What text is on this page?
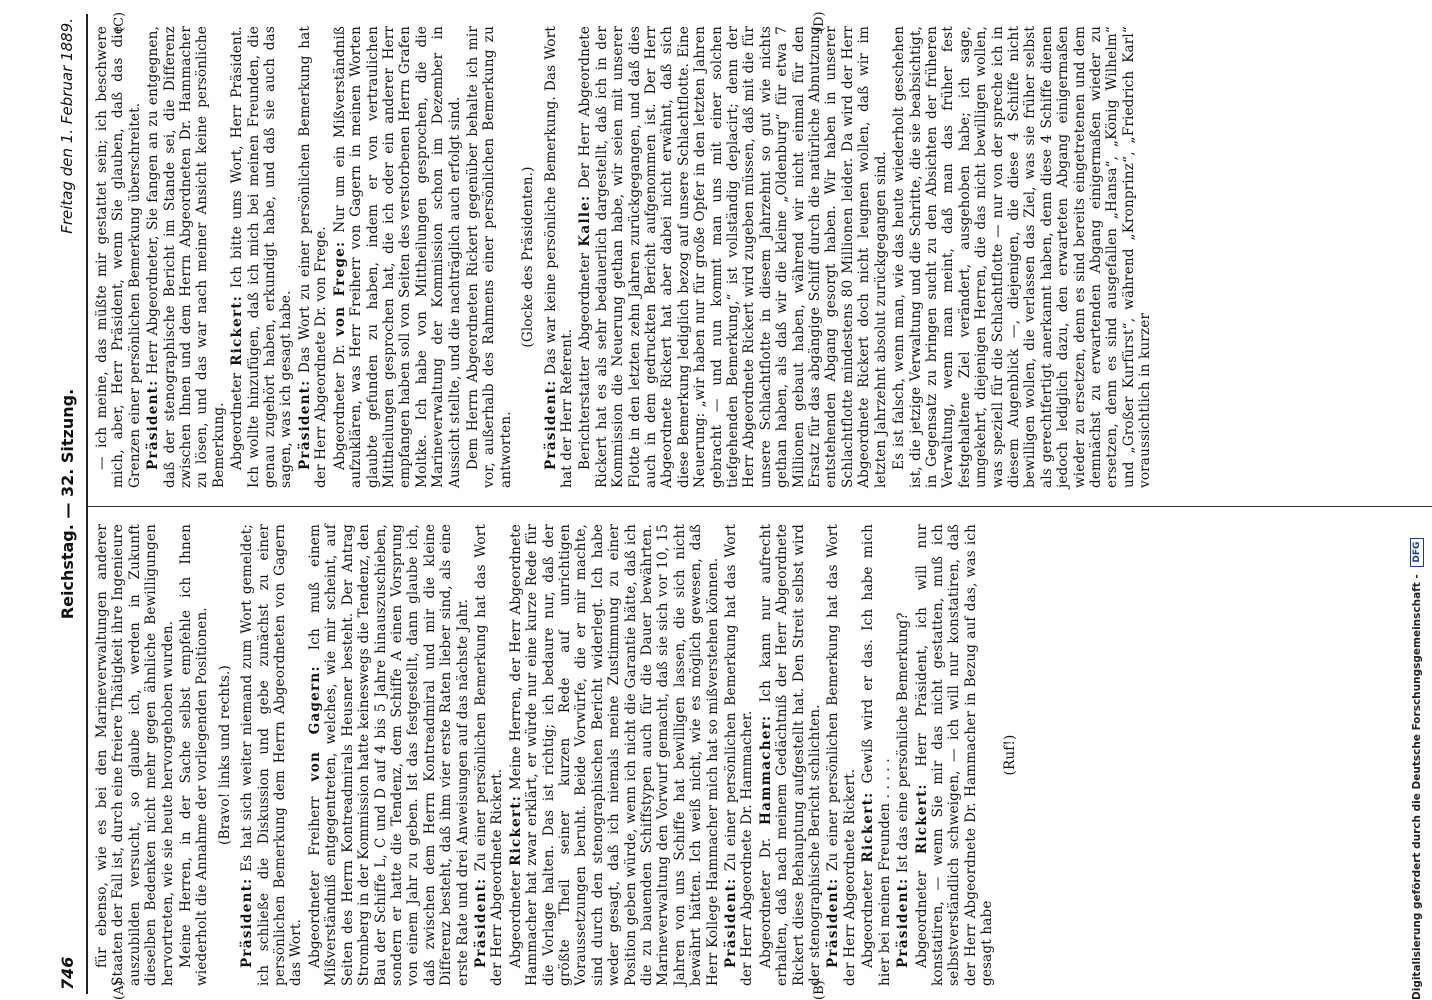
746
Reichstag. — 32. Sitzung.
Freitag den 1. Februar 1889.
(A)	(B)
(C)	(D)

für ebenso, wie es bei den Marineverwaltungen anderer Staaten der Fall ist, durch eine freiere Thätigkeit ihre Ingenieure auszubilden versucht, so glaube ich, werden in Zukunft dieselben Bedenken nicht mehr gegen ähnliche Bewilligungen hervortreten, wie sie heute hervorgehoben wurden. Meine Herren, in der Sache selbst empfehle ich Ihnen wiederholt die Annahme der vorliegenden Positionen. (Bravo! links und rechts.)

Präsident: Es hat sich weiter niemand zum Wort gemeldet; ich schließe die Diskussion und gebe zunächst zu einer persönlichen Bemerkung dem Herrn Abgeordneten von Gagern das Wort. Abgeordneter Freiherr von Gagern: Ich muß einem Mißverständniß entgegentreten, welches, wie mir scheint, auf Seiten des Herrn Kontreadmirals Heusner besteht. Der Antrag Stromberg in der Kommission hatte keineswegs die Tendenz, den Bau der Schiffe L, C und D auf 4 bis 5 Jahre hinauszuschieben, sondern er hatte die Tendenz, dem Schiffe A einen Vorsprung von einem Jahr zu geben. Ist das festgestellt, dann glaube ich, daß zwischen dem Herrn Kontreadmiral und mir die kleine Differenz besteht, daß ihm vier erste Raten lieber sind, als eine erste Rate und drei Anweisungen auf das nächste Jahr. Präsident: Zu einer persönlichen Bemerkung hat das Wort der Herr Abgeordnete Rickert. Abgeordneter Rickert: Meine Herren, der Herr Abgeordnete Hammacher hat zwar erklärt, er würde nur eine kurze Rede für die Vorlage halten. Das ist richtig; ich bedaure nur, daß der größte Theil seiner kurzen Rede auf unrichtigen Voraussetzungen beruht. Beide Vorwürfe, die er mir machte, sind durch den stenographischen Bericht widerlegt. Ich habe weder gesagt, daß ich niemals meine Zustimmung zu einer Position geben würde, wenn ich nicht die Garantie hätte, daß ich die zu bauenden Schiffstypen auch für die Dauer bewährten. Marineverwaltung den Vorwurf gemacht, daß sie sich vor 10, 15 Jahren von uns Schiffe hat bewilligen lassen, die sich nicht bewährt hätten. Ich weiß nicht, wie es möglich gewesen, daß Herr Kollege Hammacher mich hat so mißverstehen können. Präsident: Zu einer persönlichen Bemerkung hat das Wort der Herr Abgeordnete Dr. Hammacher. Abgeordneter Dr. Hammacher: Ich kann nur aufrecht erhalten, daß nach meinem Gedächtniß der Herr Abgeordnete Rickert diese Behauptung aufgestellt hat. Den Streit selbst wird der stenographische Bericht schlichten. Präsident: Zu einer persönlichen Bemerkung hat das Wort der Herr Abgeordnete Rickert. Abgeordneter Rickert: Gewiß wird er das. Ich habe mich hier bei meinen Freunden . . . . . Präsident: Ist das eine persönliche Bemerkung?

Abgeordneter Rickert: Herr Präsident, ich will nur konstatiren, — wenn Sie mir das nicht gestatten, muß ich selbstverständlich schweigen, — ich will nur konstatiren, daß der Herr Abgeordnete Dr. Hammacher in Bezug auf das, was ich gesagt habe

(Ruf!)

— ich meine, das müßte mir gestattet sein; ich beschwere mich, aber, Herr Präsident, wenn Sie glauben, daß das die Grenzen einer persönlichen Bemerkung überschreitet. Präsident: Herr Abgeordneter, Sie fangen an zu entgegnen, daß der stenographische Bericht im Stande sei, die Differenz zwischen Ihnen und dem Herrn Abgeordneten Dr. Hammacher zu lösen, und das war nach meiner Ansicht keine persönliche Bemerkung. Abgeordneter Rickert: Ich bitte ums Wort, Herr Präsident. Ich wollte hinzufügen, daß ich mich bei meinen Freunden, die genau zugehört haben, erkundigt habe, und daß sie auch das sagen, was ich gesagt habe. Präsident: Das Wort zu einer persönlichen Bemerkung hat der Herr Abgeordnete Dr. von Frege. Abgeordneter Dr. von Frege: Nur um ein Mißverständniß aufzuklären, was Herr Freiherr von Gagern in meinen Worten glaubte gefunden zu haben, indem er von vertraulichen Mittheilungen gesprochen hat, die ich oder ein anderer Herr empfangen haben soll von Seiten des verstorbenen Herrn Grafen Moltke. Ich habe von Mittheilungen gesprochen, die die Marineverwaltung der Kommission schon im Dezember in Aussicht stellte, und die nachträglich auch erfolgt sind. Dem Herrn Abgeordneten Rickert gegenüber behalte ich mir vor, außerhalb des Rahmens einer persönlichen Bemerkung zu antworten.

(Glocke des Präsidenten.)

Präsident: Das war keine persönliche Bemerkung. Das Wort hat der Herr Referent. Berichterstatter Abgeordneter Kalle: Der Herr Abgeordnete Rickert hat es als sehr bedauerlich dargestellt, daß ich in der Kommission die Neuerung gethan habe, wir seien mit unserer Flotte in den letzten zehn Jahren zurückgegangen, und daß dies auch in dem gedruckten Bericht aufgenommen ist. Der Herr Abgeordnete Rickert hat aber dabei nicht erwähnt, daß sich diese Bemerkung lediglich bezog auf unsere Schlachtflotte. Eine Neuerung: „wir haben nur für große Opfer in den letzten Jahren gebracht — und nun kommt man uns mit einer solchen tiefgehenden Bemerkung,“ ist vollständig deplacirt; denn der Herr Abgeordnete Rickert wird zugeben müssen, daß mit die für unsere Schlachtflotte in diesem Jahrzehnt so gut wie nichts gethan haben, als daß wir die kleine „Oldenburg“ für etwa 7 Millionen gebaut haben, während wir nicht einmal für den Ersatz für das abgängige Schiff durch die natürliche Abnutzung entstehenden Abgang gesorgt haben. Wir haben in unserer Schlachtflotte mindestens 80 Millionen leider. Da wird der Herr Abgeordnete Rickert doch nicht leugnen wollen, daß wir im letzten Jahrzehnt absolut zurückgegangen sind. Es ist falsch, wenn man, wie das heute wiederholt geschehen ist, die jetzige Verwaltung und die Schritte, die sie beabsichtigt, in Gegensatz zu bringen sucht zu den Absichten der früheren Verwaltung, wenn man meint, daß man das früher fest festgehaltene Ziel verändert, ausgehoben habe; ich sage, umgekehrt, diejenigen Herren, die das nicht bewilligen wollen, was speziell für die Schlachtflotte — nur von der spreche ich in diesem Augenblick —, diejenigen, die diese 4 Schiffe nicht bewilligen wollen, die verlassen das Ziel, was sie früher selbst als gerechtfertigt anerkannt haben, denn diese 4 Schiffe dienen jedoch lediglich dazu, den erwarteten Abgang einigermaßen wieder zu ersetzen, denn es sind bereits eingetretenen und dem demnächst zu erwartenden Abgang einigermaßen wieder zu ersetzen, denn es sind ausgefallen „Hansa“, „König Wilhelm“ und „Großer Kurfürst“, während „Kronprinz“, „Friedrich Karl“ voraussichtlich in kurzer

Digitalisierung gefördert durch die Deutsche Forschungsgemeinschaft - DFG
